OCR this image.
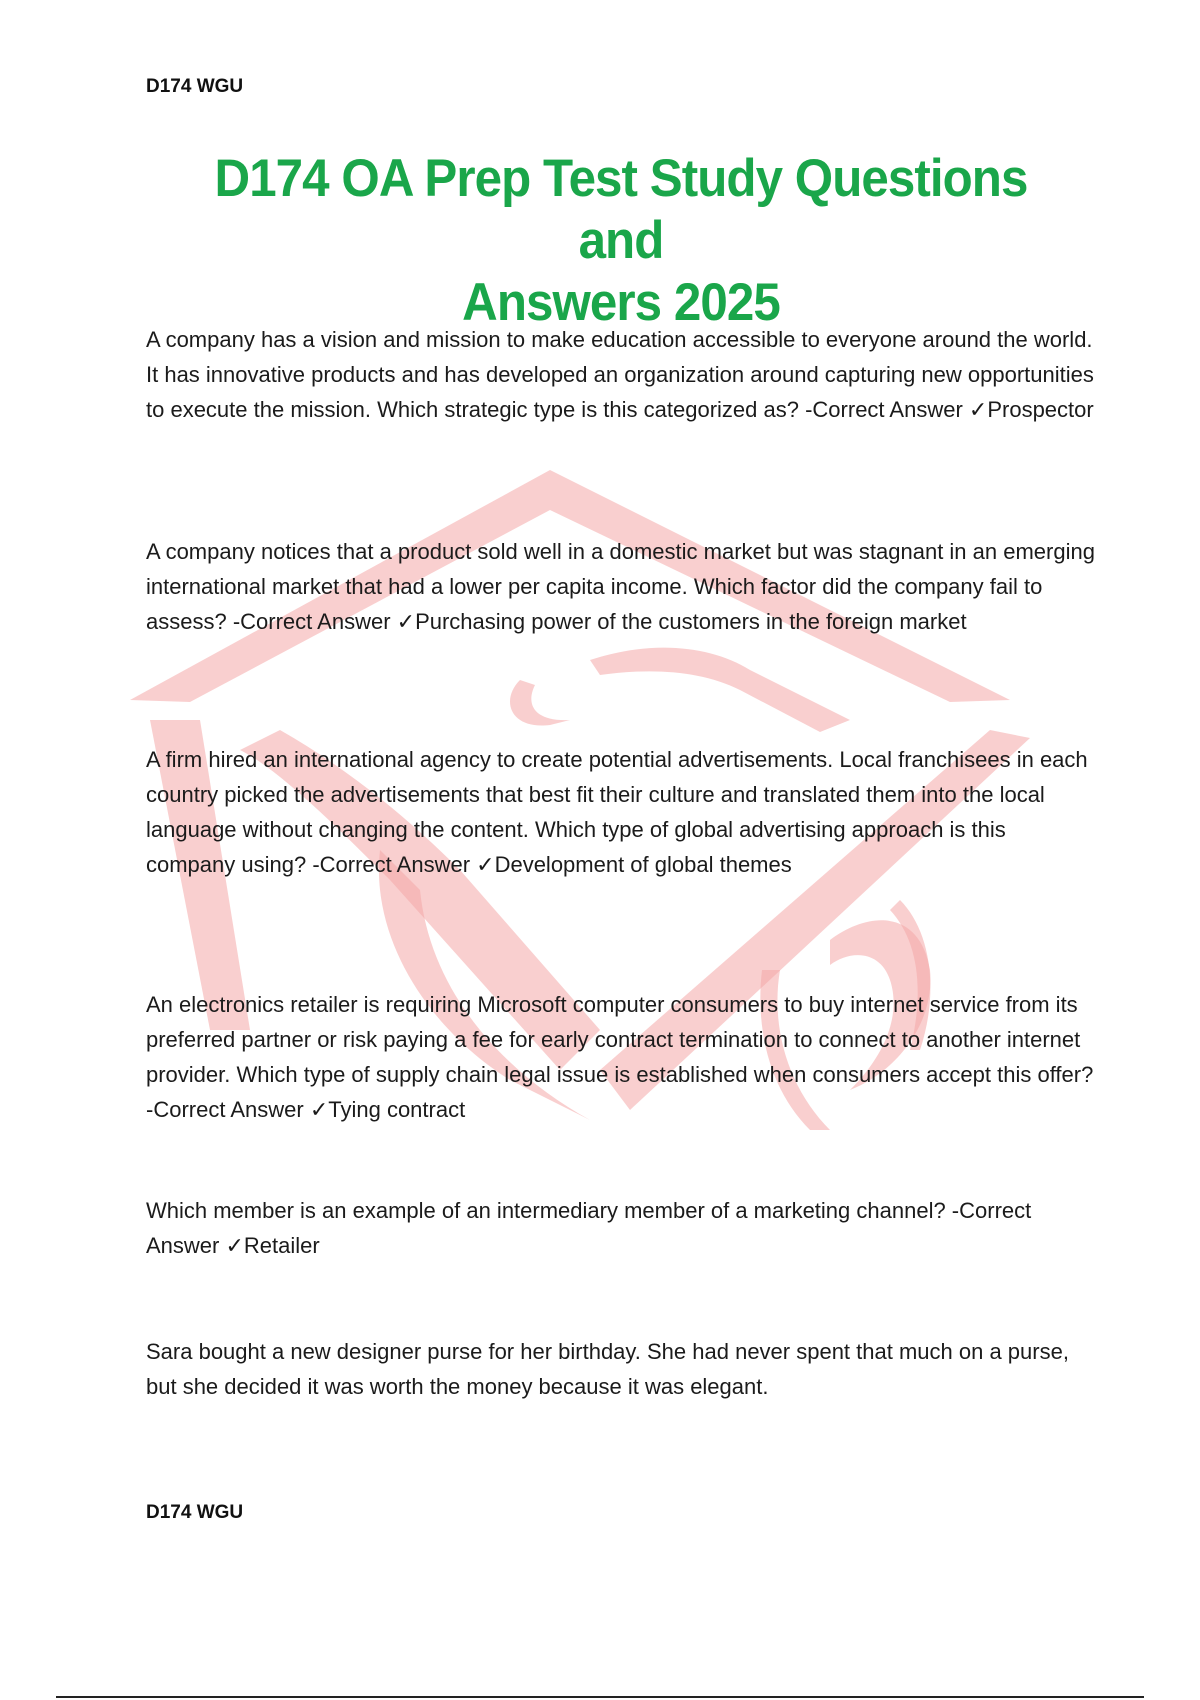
D174 WGU
D174 OA Prep Test Study Questions and
Answers 2025
A company has a vision and mission to make education accessible to everyone around the world. It has innovative products and has developed an organization around capturing new opportunities to execute the mission. Which strategic type is this categorized as? -Correct Answer ✓Prospector
A company notices that a product sold well in a domestic market but was stagnant in an emerging international market that had a lower per capita income. Which factor did the company fail to assess? -Correct Answer ✓Purchasing power of the customers in the foreign market
A firm hired an international agency to create potential advertisements. Local franchisees in each country picked the advertisements that best fit their culture and translated them into the local language without changing the content. Which type of global advertising approach is this company using? -Correct Answer ✓Development of global themes
An electronics retailer is requiring Microsoft computer consumers to buy internet service from its preferred partner or risk paying a fee for early contract termination to connect to another internet provider. Which type of supply chain legal issue is established when consumers accept this offer? -Correct Answer ✓Tying contract
Which member is an example of an intermediary member of a marketing channel? -Correct Answer ✓Retailer
Sara bought a new designer purse for her birthday. She had never spent that much on a purse, but she decided it was worth the money because it was elegant.
D174 WGU
